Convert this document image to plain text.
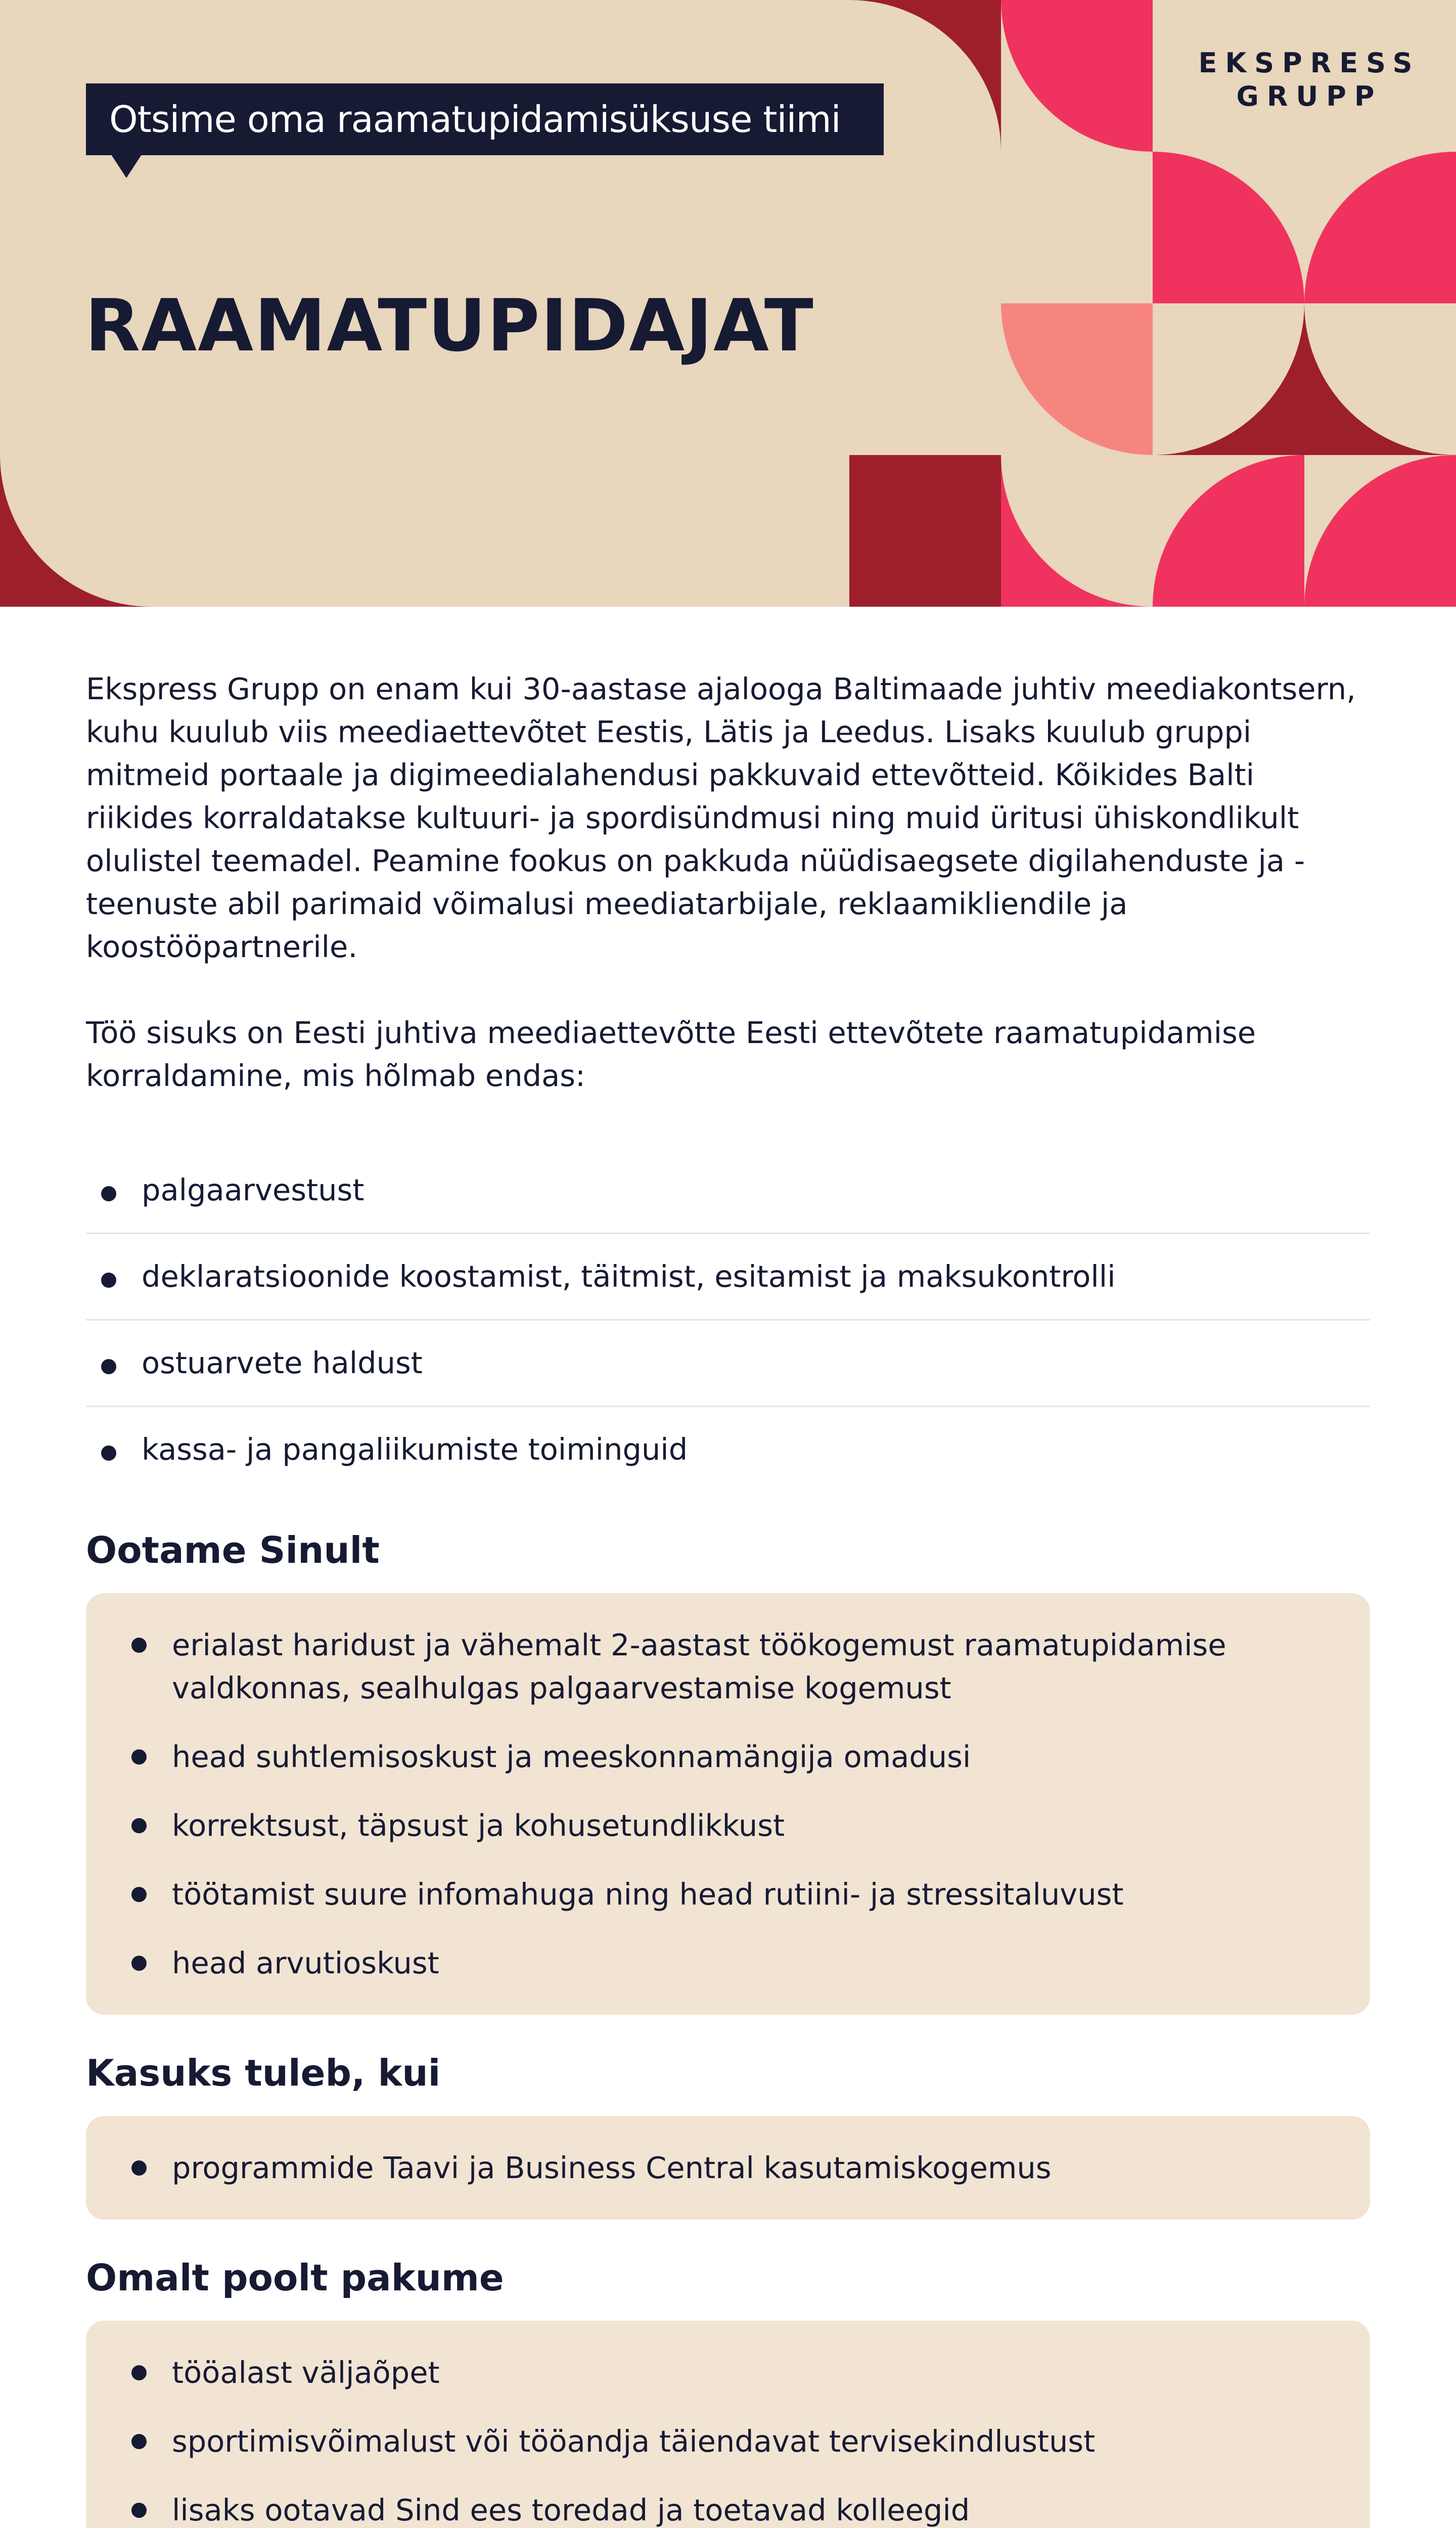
Otsime oma raamatupidamisüksuse tiimi
RAAMATUPIDAJAT
EKSPRESS
GRUPP

Ekspress Grupp on enam kui 30-aastase ajalooga Baltimaade juhtiv meediakontsern, kuhu kuulub viis meediaettevõtet Eestis, Lätis ja Leedus. Lisaks kuulub gruppi mitmeid portaale ja digimeedialahendusi pakkuvaid ettevõtteid. Kõikides Balti riikides korraldatakse kultuuri- ja spordisündmusi ning muid üritusi ühiskondlikult olulistel teemadel. Peamine fookus on pakkuda nüüdisaegsete digilahenduste ja -teenuste abil parimaid võimalusi meediatarbijale, reklaamikliendile ja koostööpartnerile.

Töö sisuks on Eesti juhtiva meediaettevõtte Eesti ettevõtete raamatupidamise korraldamine, mis hõlmab endas:

palgaarvestust
deklaratsioonide koostamist, täitmist, esitamist ja maksukontrolli
ostuarvete haldust
kassa- ja pangaliikumiste toiminguid
Ootame Sinult
erialast haridust ja vähemalt 2-aastast töökogemust raamatupidamise valdkonnas, sealhulgas palgaarvestamise kogemust
head suhtlemisoskust ja meeskonnamängija omadusi
korrektsust, täpsust ja kohusetundlikkust
töötamist suure infomahuga ning head rutiini- ja stressitaluvust
head arvutioskust
Kasuks tuleb, kui
programmide Taavi ja Business Central kasutamiskogemus
Omalt poolt pakume
tööalast väljaõpet
sportimisvõimalust või tööandja täiendavat tervisekindlustust
lisaks ootavad Sind ees toredad ja toetavad kolleegid
